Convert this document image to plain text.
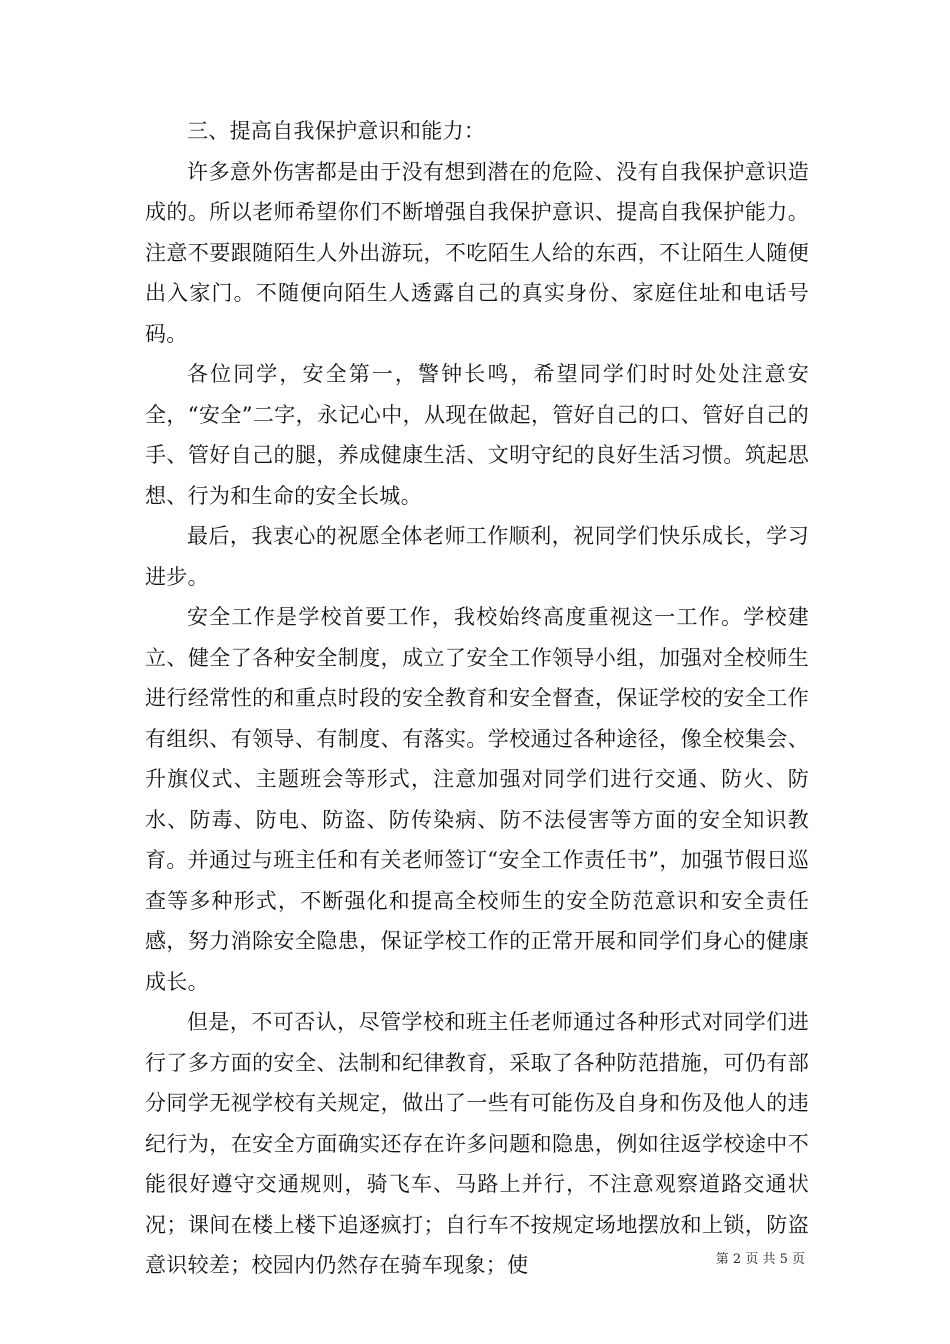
三、提高自我保护意识和能力：

许多意外伤害都是由于没有想到潜在的危险、没有自我保护意识造成的。所以老师希望你们不断增强自我保护意识、提高自我保护能力。注意不要跟随陌生人外出游玩，不吃陌生人给的东西，不让陌生人随便出入家门。不随便向陌生人透露自己的真实身份、家庭住址和电话号码。

各位同学，安全第一，警钟长鸣，希望同学们时时处处注意安全，“安全”二字，永记心中，从现在做起，管好自己的口、管好自己的手、管好自己的腿，养成健康生活、文明守纪的良好生活习惯。筑起思想、行为和生命的安全长城。

最后，我衷心的祝愿全体老师工作顺利，祝同学们快乐成长，学习进步。

安全工作是学校首要工作，我校始终高度重视这一工作。学校建立、健全了各种安全制度，成立了安全工作领导小组，加强对全校师生进行经常性的和重点时段的安全教育和安全督查，保证学校的安全工作有组织、有领导、有制度、有落实。学校通过各种途径，像全校集会、升旗仪式、主题班会等形式，注意加强对同学们进行交通、防火、防水、防毒、防电、防盗、防传染病、防不法侵害等方面的安全知识教育。并通过与班主任和有关老师签订“安全工作责任书”，加强节假日巡查等多种形式，不断强化和提高全校师生的安全防范意识和安全责任感，努力消除安全隐患，保证学校工作的正常开展和同学们身心的健康成长。

但是，不可否认，尽管学校和班主任老师通过各种形式对同学们进行了多方面的安全、法制和纪律教育，采取了各种防范措施，可仍有部分同学无视学校有关规定，做出了一些有可能伤及自身和伤及他人的违纪行为，在安全方面确实还存在许多问题和隐患，例如往返学校途中不能很好遵守交通规则，骑飞车、马路上并行，不注意观察道路交通状况；课间在楼上楼下追逐疯打；自行车不按规定场地摆放和上锁，防盗意识较差；校园内仍然存在骑车现象；使	第 2 页 共 5 页
